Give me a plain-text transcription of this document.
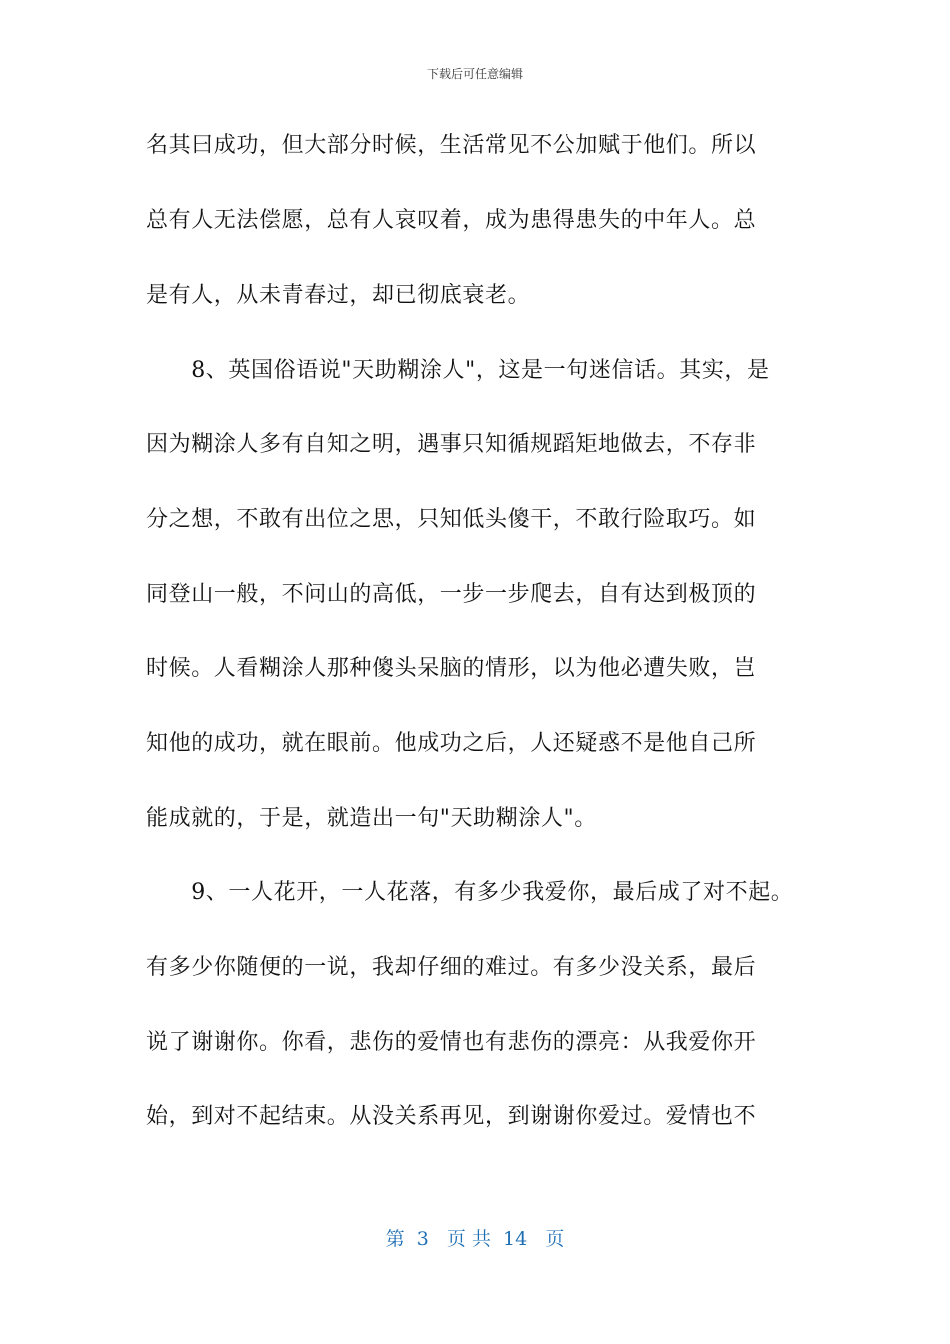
下载后可任意编辑
名其曰成功，但大部分时候，生活常见不公加赋于他们。所以
总有人无法偿愿，总有人哀叹着，成为患得患失的中年人。总
是有人，从未青春过，却已彻底衰老。
　　8、英国俗语说"天助糊涂人"，这是一句迷信话。其实，是
因为糊涂人多有自知之明，遇事只知循规蹈矩地做去，不存非
分之想，不敢有出位之思，只知低头傻干，不敢行险取巧。如
同登山一般，不问山的高低，一步一步爬去，自有达到极顶的
时候。人看糊涂人那种傻头呆脑的情形，以为他必遭失败，岂
知他的成功，就在眼前。他成功之后，人还疑惑不是他自己所
能成就的，于是，就造出一句"天助糊涂人"。
　　9、一人花开，一人花落，有多少我爱你，最后成了对不起。
有多少你随便的一说，我却仔细的难过。有多少没关系，最后
说了谢谢你。你看，悲伤的爱情也有悲伤的漂亮：从我爱你开
始，到对不起结束。从没关系再见，到谢谢你爱过。爱情也不
第  3   页 共  14   页
